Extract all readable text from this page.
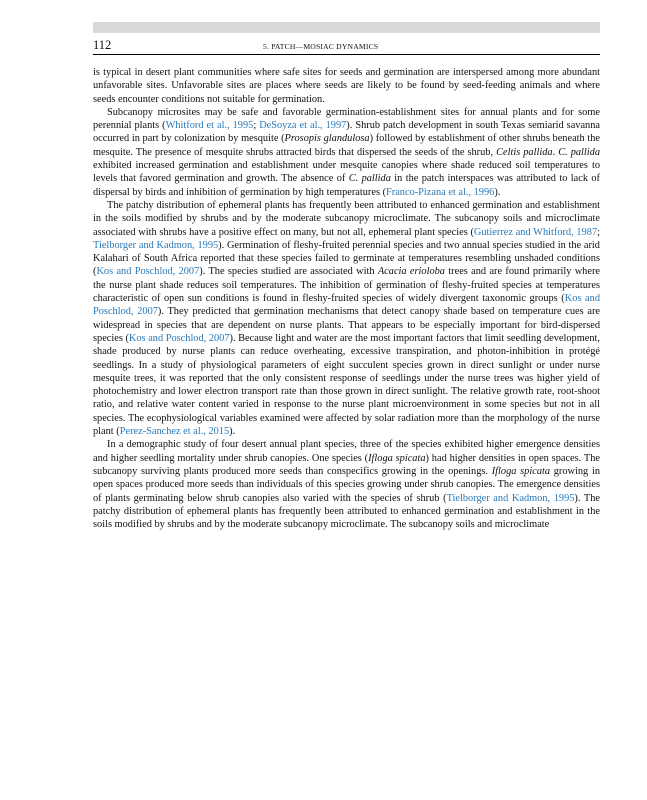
112	5. PATCH—MOSIAC DYNAMICS

is typical in desert plant communities where safe sites for seeds and germination are interspersed among more abundant unfavorable sites. Unfavorable sites are places where seeds are likely to be found by seed-feeding animals and where seeds encounter conditions not suitable for germination.

Subcanopy microsites may be safe and favorable germination-establishment sites for annual plants and for some perennial plants (Whitford et al., 1995; DeSoyza et al., 1997). Shrub patch development in south Texas semiarid savanna occurred in part by colonization by mesquite (Prosopis glandulosa) followed by establishment of other shrubs beneath the mesquite. The presence of mesquite shrubs attracted birds that dispersed the seeds of the shrub, Celtis pallida. C. pallida exhibited increased germination and establishment under mesquite canopies where shade reduced soil temperatures to levels that favored germination and growth. The absence of C. pallida in the patch interspaces was attributed to lack of dispersal by birds and inhibition of germination by high temperatures (Franco-Pizana et al., 1996).

The patchy distribution of ephemeral plants has frequently been attributed to enhanced germination and establishment in the soils modified by shrubs and by the moderate subcanopy microclimate. The subcanopy soils and microclimate associated with shrubs have a positive effect on many, but not all, ephemeral plant species (Gutierrez and Whitford, 1987; Tielborger and Kadmon, 1995). Germination of fleshy-fruited perennial species and two annual species studied in the arid Kalahari of South Africa reported that these species failed to germinate at temperatures resembling unshaded conditions (Kos and Poschlod, 2007). The species studied are associated with Acacia erioloba trees and are found primarily where the nurse plant shade reduces soil temperatures. The inhibition of germination of fleshy-fruited species at temperatures characteristic of open sun conditions is found in fleshy-fruited species of widely divergent taxonomic groups (Kos and Poschlod, 2007). They predicted that germination mechanisms that detect canopy shade based on temperature cues are widespread in species that are dependent on nurse plants. That appears to be especially important for bird-dispersed species (Kos and Poschlod, 2007). Because light and water are the most important factors that limit seedling development, shade produced by nurse plants can reduce overheating, excessive transpiration, and photon-inhibition in protégé seedlings. In a study of physiological parameters of eight succulent species grown in direct sunlight or under nurse mesquite trees, it was reported that the only consistent response of seedlings under the nurse trees was higher yield of photochemistry and lower electron transport rate than those grown in direct sunlight. The relative growth rate, root-shoot ratio, and relative water content varied in response to the nurse plant microenvironment in some species but not in all species. The ecophysiological variables examined were affected by solar radiation more than the morphology of the nurse plant (Perez-Sanchez et al., 2015).

In a demographic study of four desert annual plant species, three of the species exhibited higher emergence densities and higher seedling mortality under shrub canopies. One species (Ifloga spicata) had higher densities in open spaces. The subcanopy surviving plants produced more seeds than conspecifics growing in the openings. Ifloga spicata growing in open spaces produced more seeds than individuals of this species growing under shrub canopies. The emergence densities of plants germinating below shrub canopies also varied with the species of shrub (Tielborger and Kadmon, 1995). The patchy distribution of ephemeral plants has frequently been attributed to enhanced germination and establishment in the soils modified by shrubs and by the moderate subcanopy microclimate. The subcanopy soils and microclimate
